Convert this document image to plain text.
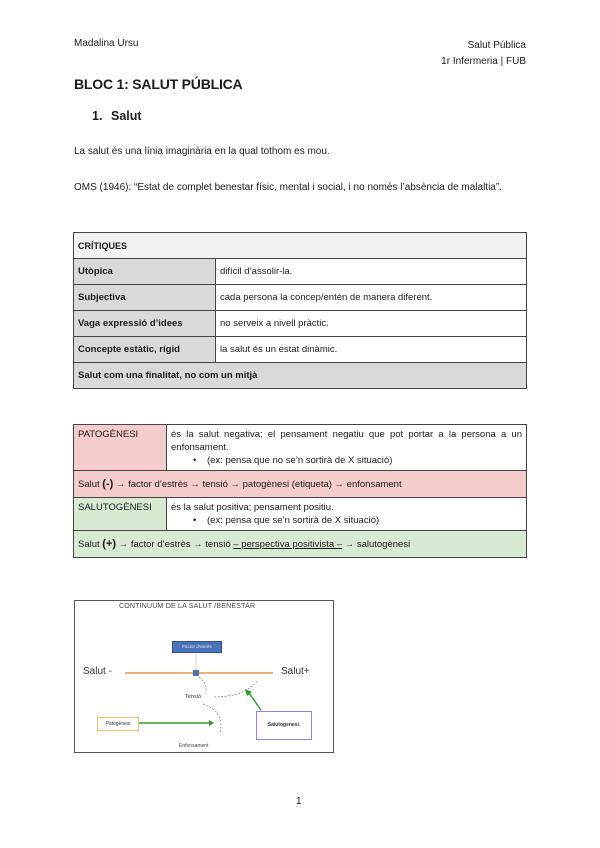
Madalina Ursu	Salut Pública
1r Infermeria | FUB
BLOC 1: SALUT PÚBLICA
1. Salut
La salut és una línia imaginària en la qual tothom es mou.
OMS (1946): “Estat de complet benestar físic, mental i social, i no només l’absència de malaltia”.
CRÍTIQUES	
Utòpica	difícil d’assolir-la.
Subjectiva	cada persona la concep/entèn de manera diferent.
Vaga expressió d’idees	no serveix a nivell pràctic.
Concepte estàtic, rígid	la salut és un estat dinàmic.
Salut com una finalitat, no com un mitjà	
PATOGÈNESI	és la salut negativa; el pensament negatiu que pot portar a la persona a un enfonsament.
• (ex: pensa que no se’n sortirà de X situació)

Salut (-) → factor d’estrès → tensió → patogènesi (etiqueta) → enfonsament	
SALUTOGÈNESI	és la salut positiva; pensament positiu.
• (ex: pensa que se’n sortirà de X situació)

Salut (+) → factor d’estrès → tensió – perspectiva positivista – → salutogènesi	
CONTINUUM DE LA SALUT /BENESTAR
Factor d'estrès
Salut -	Salut+
Tensió
Patogènesi	Salutogenesi.
Enfonsament
1
